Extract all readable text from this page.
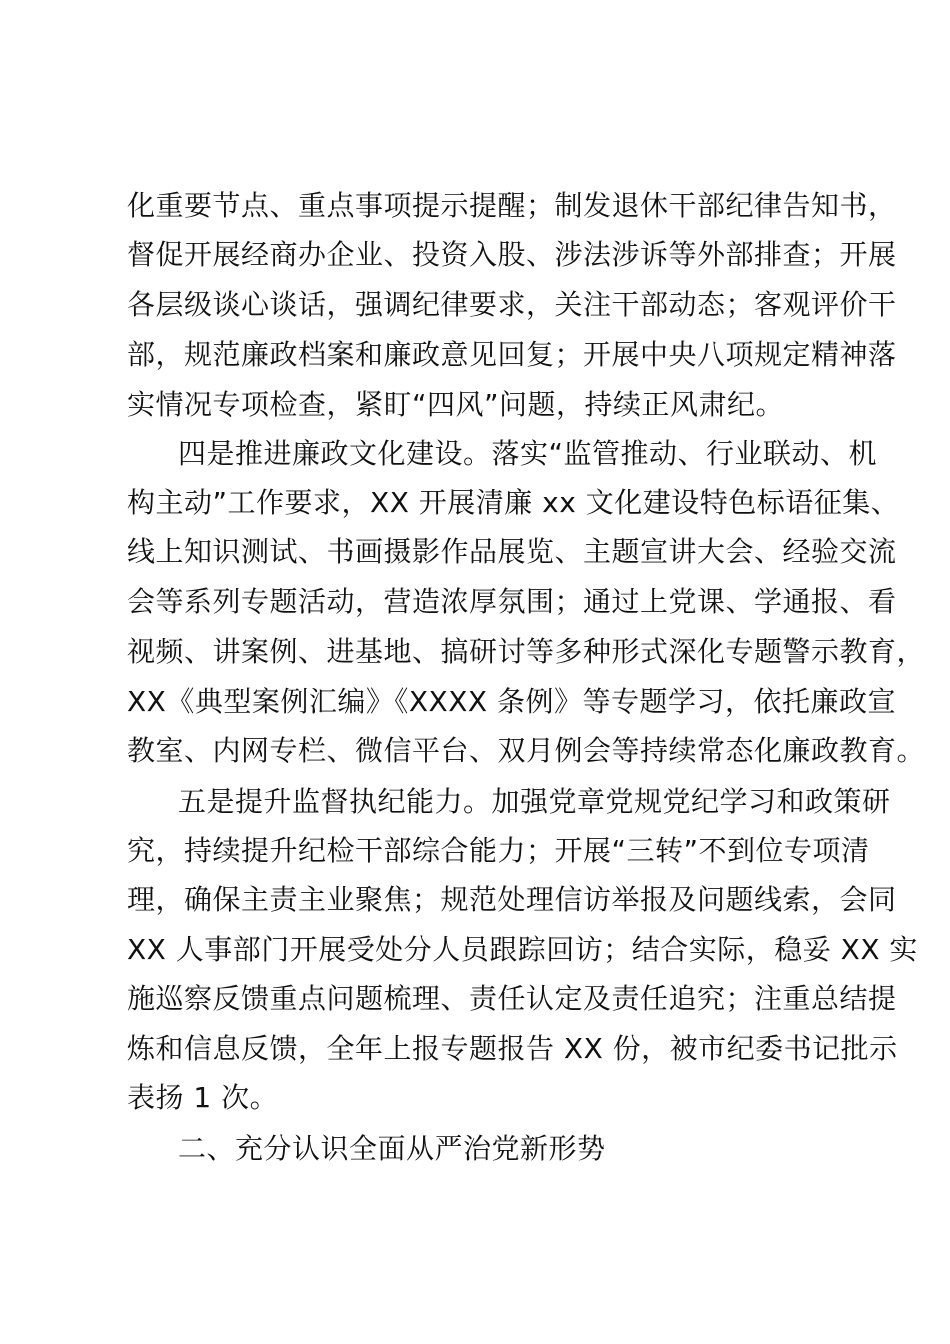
化重要节点、重点事项提示提醒；制发退休干部纪律告知书，
督促开展经商办企业、投资入股、涉法涉诉等外部排查；开展
各层级谈心谈话，强调纪律要求，关注干部动态；客观评价干
部，规范廉政档案和廉政意见回复；开展中央八项规定精神落
实情况专项检查，紧盯“四风”问题，持续正风肃纪。
四是推进廉政文化建设。落实“监管推动、行业联动、机
构主动”工作要求，XX 开展清廉 xx 文化建设特色标语征集、
线上知识测试、书画摄影作品展览、主题宣讲大会、经验交流
会等系列专题活动，营造浓厚氛围；通过上党课、学通报、看
视频、讲案例、进基地、搞研讨等多种形式深化专题警示教育，
XX《典型案例汇编》《XXXX 条例》等专题学习，依托廉政宣
教室、内网专栏、微信平台、双月例会等持续常态化廉政教育。
五是提升监督执纪能力。加强党章党规党纪学习和政策研
究，持续提升纪检干部综合能力；开展“三转”不到位专项清
理，确保主责主业聚焦；规范处理信访举报及问题线索，会同
XX 人事部门开展受处分人员跟踪回访；结合实际，稳妥 XX 实
施巡察反馈重点问题梳理、责任认定及责任追究；注重总结提
炼和信息反馈，全年上报专题报告 XX 份，被市纪委书记批示
表扬 1 次。
二、充分认识全面从严治党新形势
